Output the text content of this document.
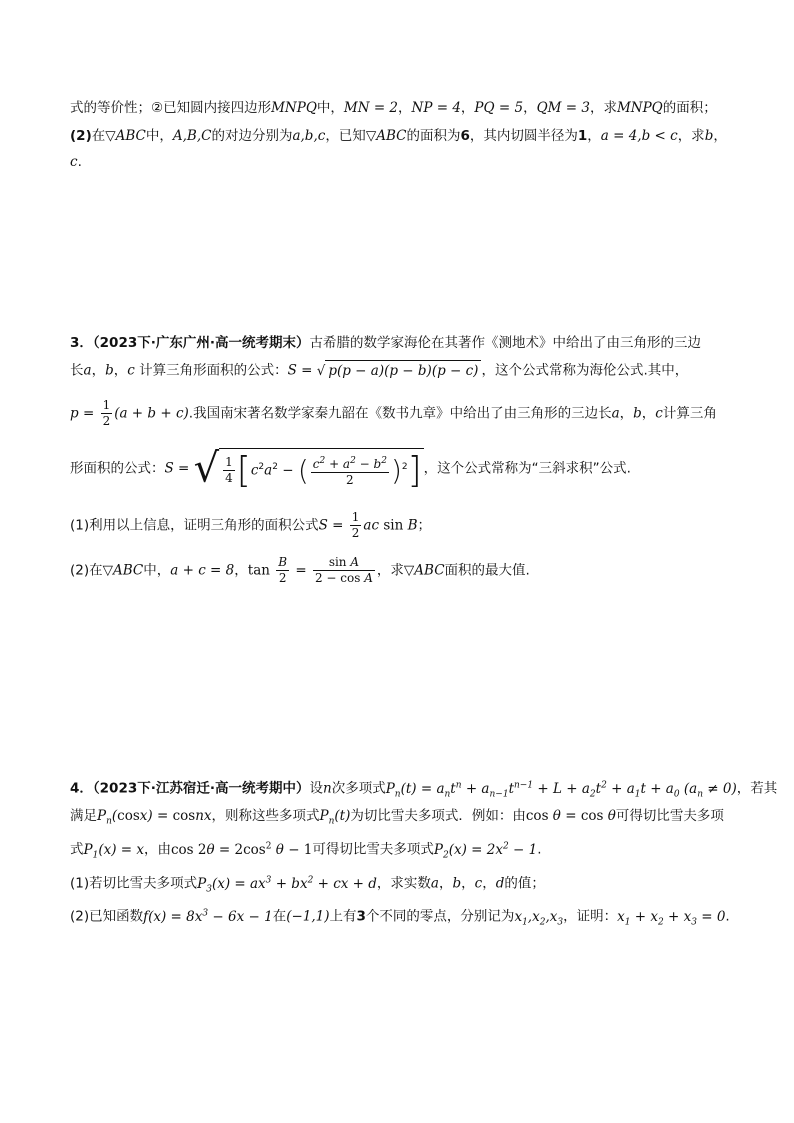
式的等价性；②已知圆内接四边形MNPQ中，MN = 2，NP = 4，PQ = 5，QM = 3，求MNPQ的面积；
(2)在▽ABC中，A,B,C的对边分别为a,b,c，已知▽ABC的面积为6，其内切圆半径为1，a = 4,b < c，求b，
c.
3．（2023下·广东广州·高一统考期末）古希腊的数学家海伦在其著作《测地术》中给出了由三角形的三边
长a，b，c 计算三角形面积的公式：S = √ p(p − a)(p − b)(p − c) ，这个公式常称为海伦公式.其中，
$p = \frac{1}{2} (a + b + c)$.我国南宋著名数学家秦九韶在《数书九章》中给出了由三角形的三边长a，b，c计算三角
形面积的公式：S = √ $\frac{1}{4} [c^2a^2$ − ( $\frac{c^2 + a^2 - b^2}{2} )^2$] ，这个公式常称为“三斜求积”公式.
(1)利用以上信息，证明三角形的面积公式$S = \frac{1}{2}$ ac sin B；
(2)在▽ABC中，a + c = 8，$\tan \frac{B}{2} = \frac{\text{sin A}}{\text{2 − cos A}}$ ，求▽ABC面积的最大值.
4．（2023下·江苏宿迁·高一统考期中）设n次多项式$P_n(t) = a_nt^n + a_{n-1}t^{n-1} + L + a_2t^2 + a_1t + a_0$ $(a_n \ne 0)$，若其
满足$P_n(\cos x)$ = cosnx，则称这些多项式$P_n(t)$为切比雪夫多项式．例如：由cos θ = cos θ可得切比雪夫多项
式$P_1(x) = x$，由$\cos 2\theta = 2\cos^2$ θ − 1可得切比雪夫多项式$P_2(x) = 2x^2 - 1$.
(1)若切比雪夫多项式$P_3(x) = ax^3 + bx^2$ + cx + d，求实数a，b，c，d的值；
(2)已知函数$f(x) = 8x^3 - 6x - 1$在(−1,1)上有3个不同的零点，分别记为$x_1,x_2,x_3$，证明：$x_1 + x_2 + x_3 = 0$.
